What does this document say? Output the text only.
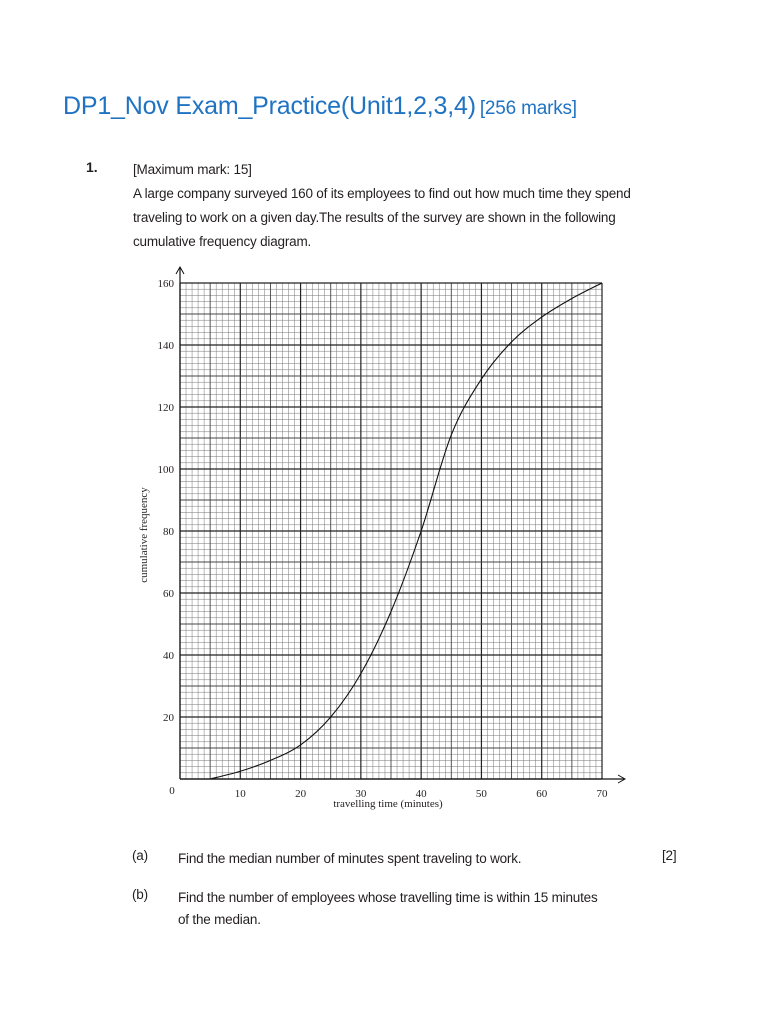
DP1_Nov Exam_Practice(Unit1,2,3,4) [256 marks]
1.	[Maximum mark: 15]

A large company surveyed 160 of its employees to find out how much time they spend traveling to work on a given day.The results of the survey are shown in the following cumulative frequency diagram.

10	20	30	40	50	60	70
20
40
60
80
100
120
140
160
travelling time (minutes)
cumulative frequency
0
(a) Find the median number of minutes spent traveling to work.	[2]
(b) Find the number of employees whose travelling time is within 15 minutes of the median.
